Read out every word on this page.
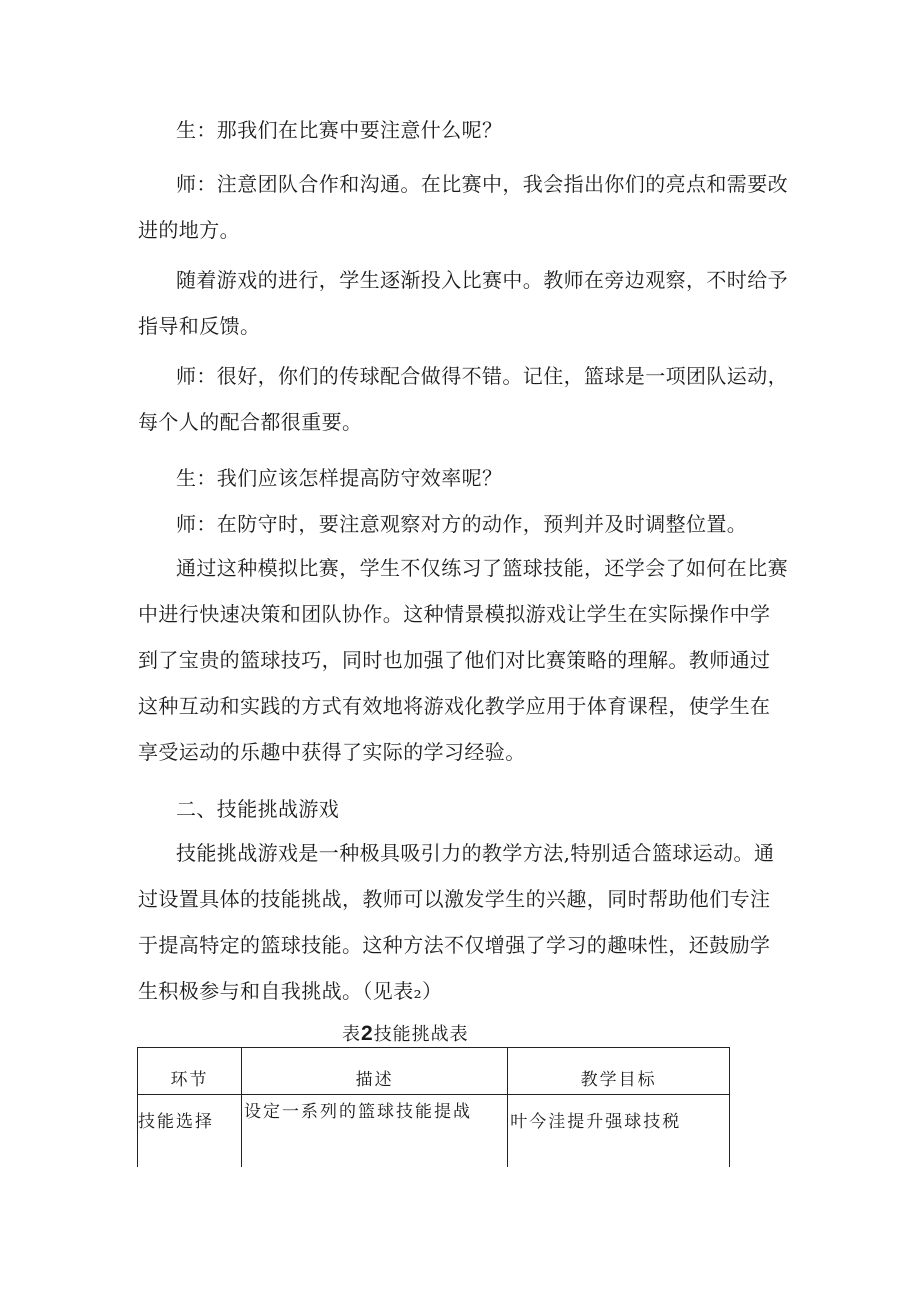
生：那我们在比赛中要注意什么呢？

师：注意团队合作和沟通。在比赛中，我会指出你们的亮点和需要改进的地方。

随着游戏的进行，学生逐渐投入比赛中。教师在旁边观察，不时给予指导和反馈。

师：很好，你们的传球配合做得不错。记住，篮球是一项团队运动，每个人的配合都很重要。

生：我们应该怎样提高防守效率呢？

师：在防守时，要注意观察对方的动作，预判并及时调整位置。

通过这种模拟比赛，学生不仅练习了篮球技能，还学会了如何在比赛中进行快速决策和团队协作。这种情景模拟游戏让学生在实际操作中学到了宝贵的篮球技巧，同时也加强了他们对比赛策略的理解。教师通过这种互动和实践的方式有效地将游戏化教学应用于体育课程，使学生在享受运动的乐趣中获得了实际的学习经验。

二、技能挑战游戏

技能挑战游戏是一种极具吸引力的教学方法,特别适合篮球运动。通过设置具体的技能挑战，教师可以激发学生的兴趣，同时帮助他们专注于提高特定的篮球技能。这种方法不仅增强了学习的趣味性，还鼓励学生积极参与和自我挑战。（见表₂）

表2技能挑战表
环节	描述	教学目标
技能选择	设定一系列的篮球技能提战	叶今洼提升强球技税
